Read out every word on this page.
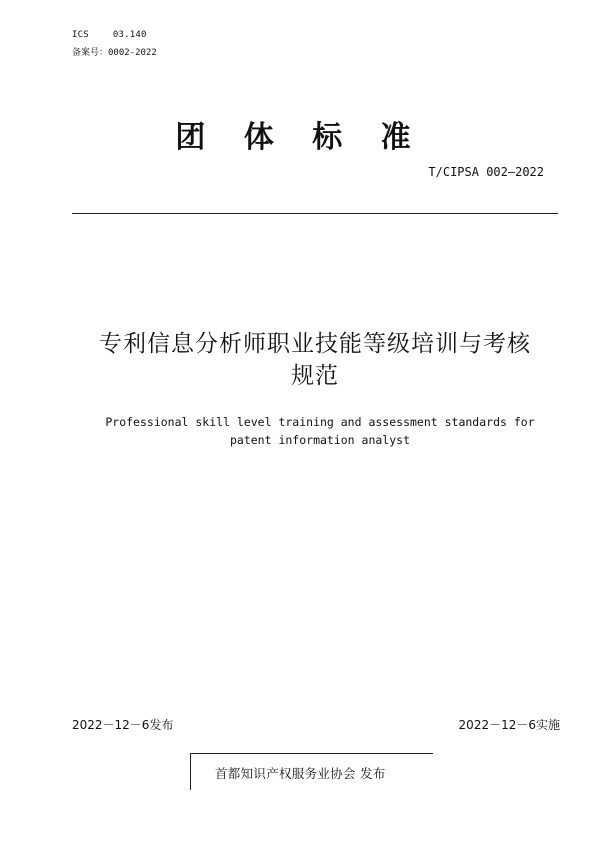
ICS	03.140
备案号：0002-2022
团 体 标 准
T/CIPSA 002—2022
专利信息分析师职业技能等级培训与考核
规范
Professional skill level training and assessment standards for
patent information analyst
2022－12－6发布	2022－12－6实施
首都知识产权服务业协会 发布
